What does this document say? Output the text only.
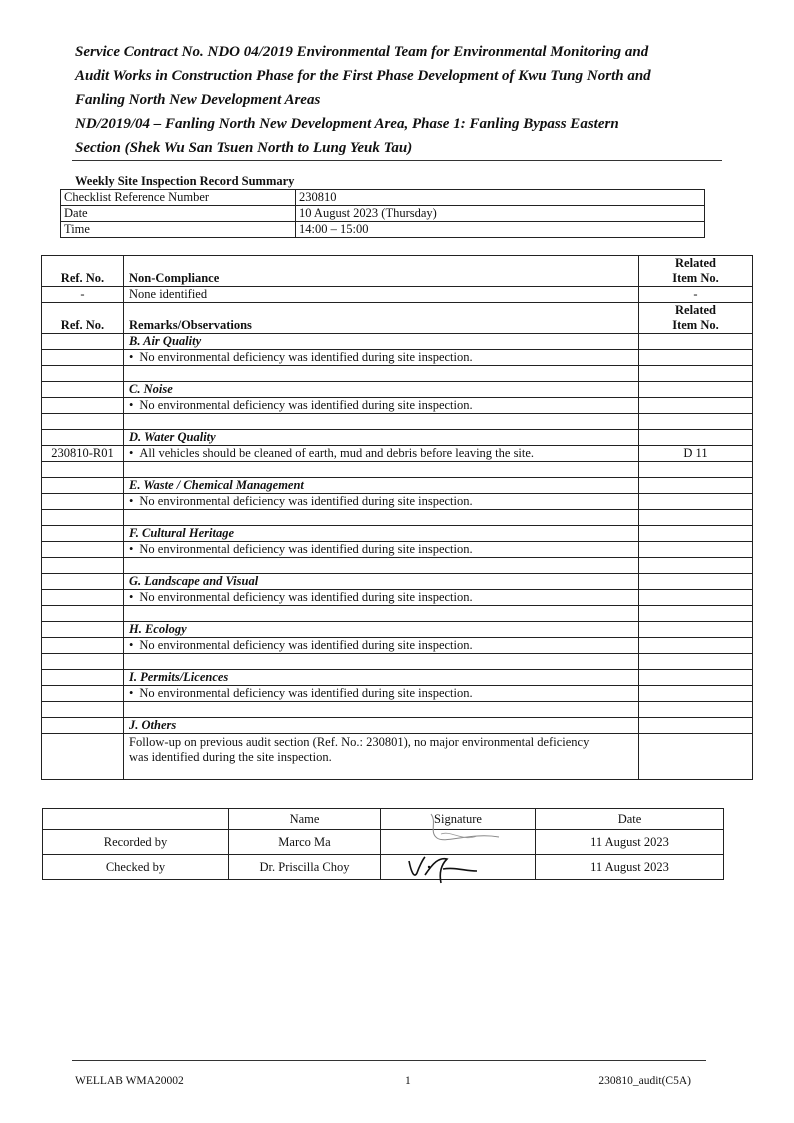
Service Contract No. NDO 04/2019 Environmental Team for Environmental Monitoring and

Audit Works in Construction Phase for the First Phase Development of Kwu Tung North and

Fanling North New Development Areas

ND/2019/04 – Fanling North New Development Area, Phase 1: Fanling Bypass Eastern

Section (Shek Wu San Tsuen North to Lung Yeuk Tau)

Weekly Site Inspection Record Summary
Checklist Reference Number	230810
Date	10 August 2023 (Thursday)
Time	14:00 – 15:00
Ref. No.	Non-Compliance	Related
Item No.
-	None identified	-
Ref. No.	Remarks/Observations	Related
Item No.
	B. Air Quality	
	• No environmental deficiency was identified during site inspection.	

	C. Noise	
	• No environmental deficiency was identified during site inspection.	

	D. Water Quality	
230810-R01	• All vehicles should be cleaned of earth, mud and debris before leaving the site.	D 11

	E. Waste / Chemical Management	
	• No environmental deficiency was identified during site inspection.	

	F. Cultural Heritage	
	• No environmental deficiency was identified during site inspection.	

	G. Landscape and Visual	
	• No environmental deficiency was identified during site inspection.	

	H. Ecology	
	• No environmental deficiency was identified during site inspection.	

	I. Permits/Licences	
	• No environmental deficiency was identified during site inspection.	

	J. Others	
	Follow-up on previous audit section (Ref. No.: 230801), no major environmental deficiency
was identified during the site inspection.	
	Name	Signature	Date
Recorded by	Marco Ma		11 August 2023
Checked by	Dr. Priscilla Choy		11 August 2023
WELLAB WMA20002	1	230810_audit(C5A)
